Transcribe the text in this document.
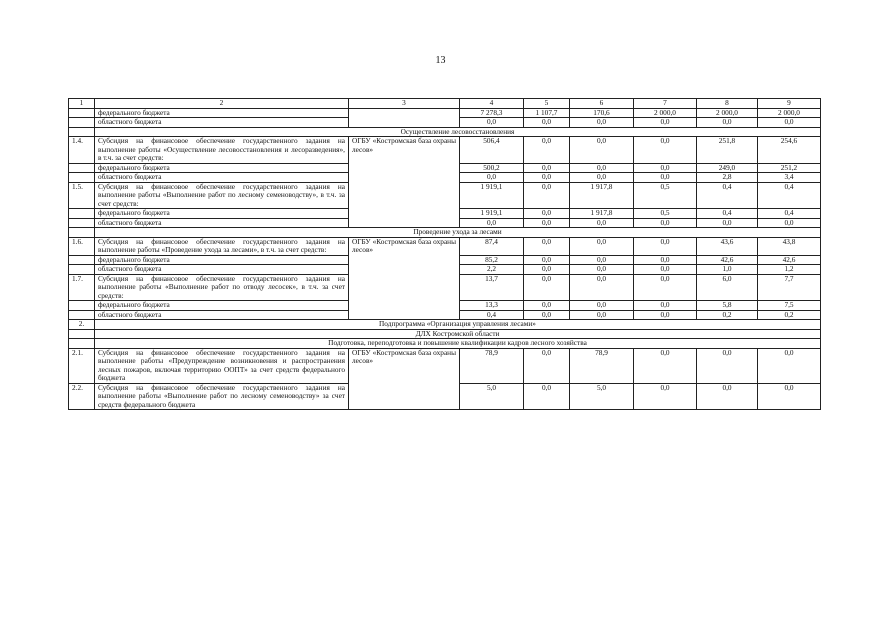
13
1	2	3	4	5	6	7	8	9
	федерального бюджета		7 278,3	1 107,7	170,6	2 000,0	2 000,0	2 000,0
	областного бюджета		0,0	0,0	0,0	0,0	0,0	0,0
	Осуществление лесовосстановления							
1.4.	Субсидия на финансовое обеспечение государственного задания на выполнение работы «Осуществление лесовосстановления и лесоразведения», в т.ч. за счет средств:	ОГБУ «Костромская база охраны лесов»	506,4	0,0	0,0	0,0	251,8	254,6
	федерального бюджета		500,2	0,0	0,0	0,0	249,0	251,2
	областного бюджета		0,0	0,0	0,0	0,0	2,8	3,4
1.5.	Субсидия на финансовое обеспечение государственного задания на выполнение работы «Выполнение работ по лесному семеноводству», в т.ч. за счет средств:		1 919,1	0,0	1 917,8	0,5	0,4	0,4
	федерального бюджета		1 919,1	0,0	1 917,8	0,5	0,4	0,4
	областного бюджета		0,0	0,0	0,0	0,0	0,0	0,0
	Проведение ухода за лесами							
1.6.	Субсидия на финансовое обеспечение государственного задания на выполнение работы «Проведение ухода за лесами», в т.ч. за счет средств:	ОГБУ «Костромская база охраны лесов»	87,4	0,0	0,0	0,0	43,6	43,8
	федерального бюджета		85,2	0,0	0,0	0,0	42,6	42,6
	областного бюджета		2,2	0,0	0,0	0,0	1,0	1,2
1.7.	Субсидия на финансовое обеспечение государственного задания на выполнение работы «Выполнение работ по отводу лесосек», в т.ч. за счет средств:		13,7	0,0	0,0	0,0	6,0	7,7
	федерального бюджета		13,3	0,0	0,0	0,0	5,8	7,5
	областного бюджета		0,4	0,0	0,0	0,0	0,2	0,2
2.	Подпрограмма «Организация управления лесами»							
	ДЛХ Костромской области							
	Подготовка, переподготовка и повышение квалификации кадров лесного хозяйства							
2.1.	Субсидия на финансовое обеспечение государственного задания на выполнение работы «Предупреждение возникновения и распространения лесных пожаров, включая территорию ООПТ» за счет средств федерального бюджета	ОГБУ «Костромская база охраны лесов»	78,9	0,0	78,9	0,0	0,0	0,0
2.2.	Субсидия на финансовое обеспечение государственного задания на выполнение работы «Выполнение работ по лесному семеноводству» за счет средств федерального бюджета		5,0	0,0	5,0	0,0	0,0	0,0
